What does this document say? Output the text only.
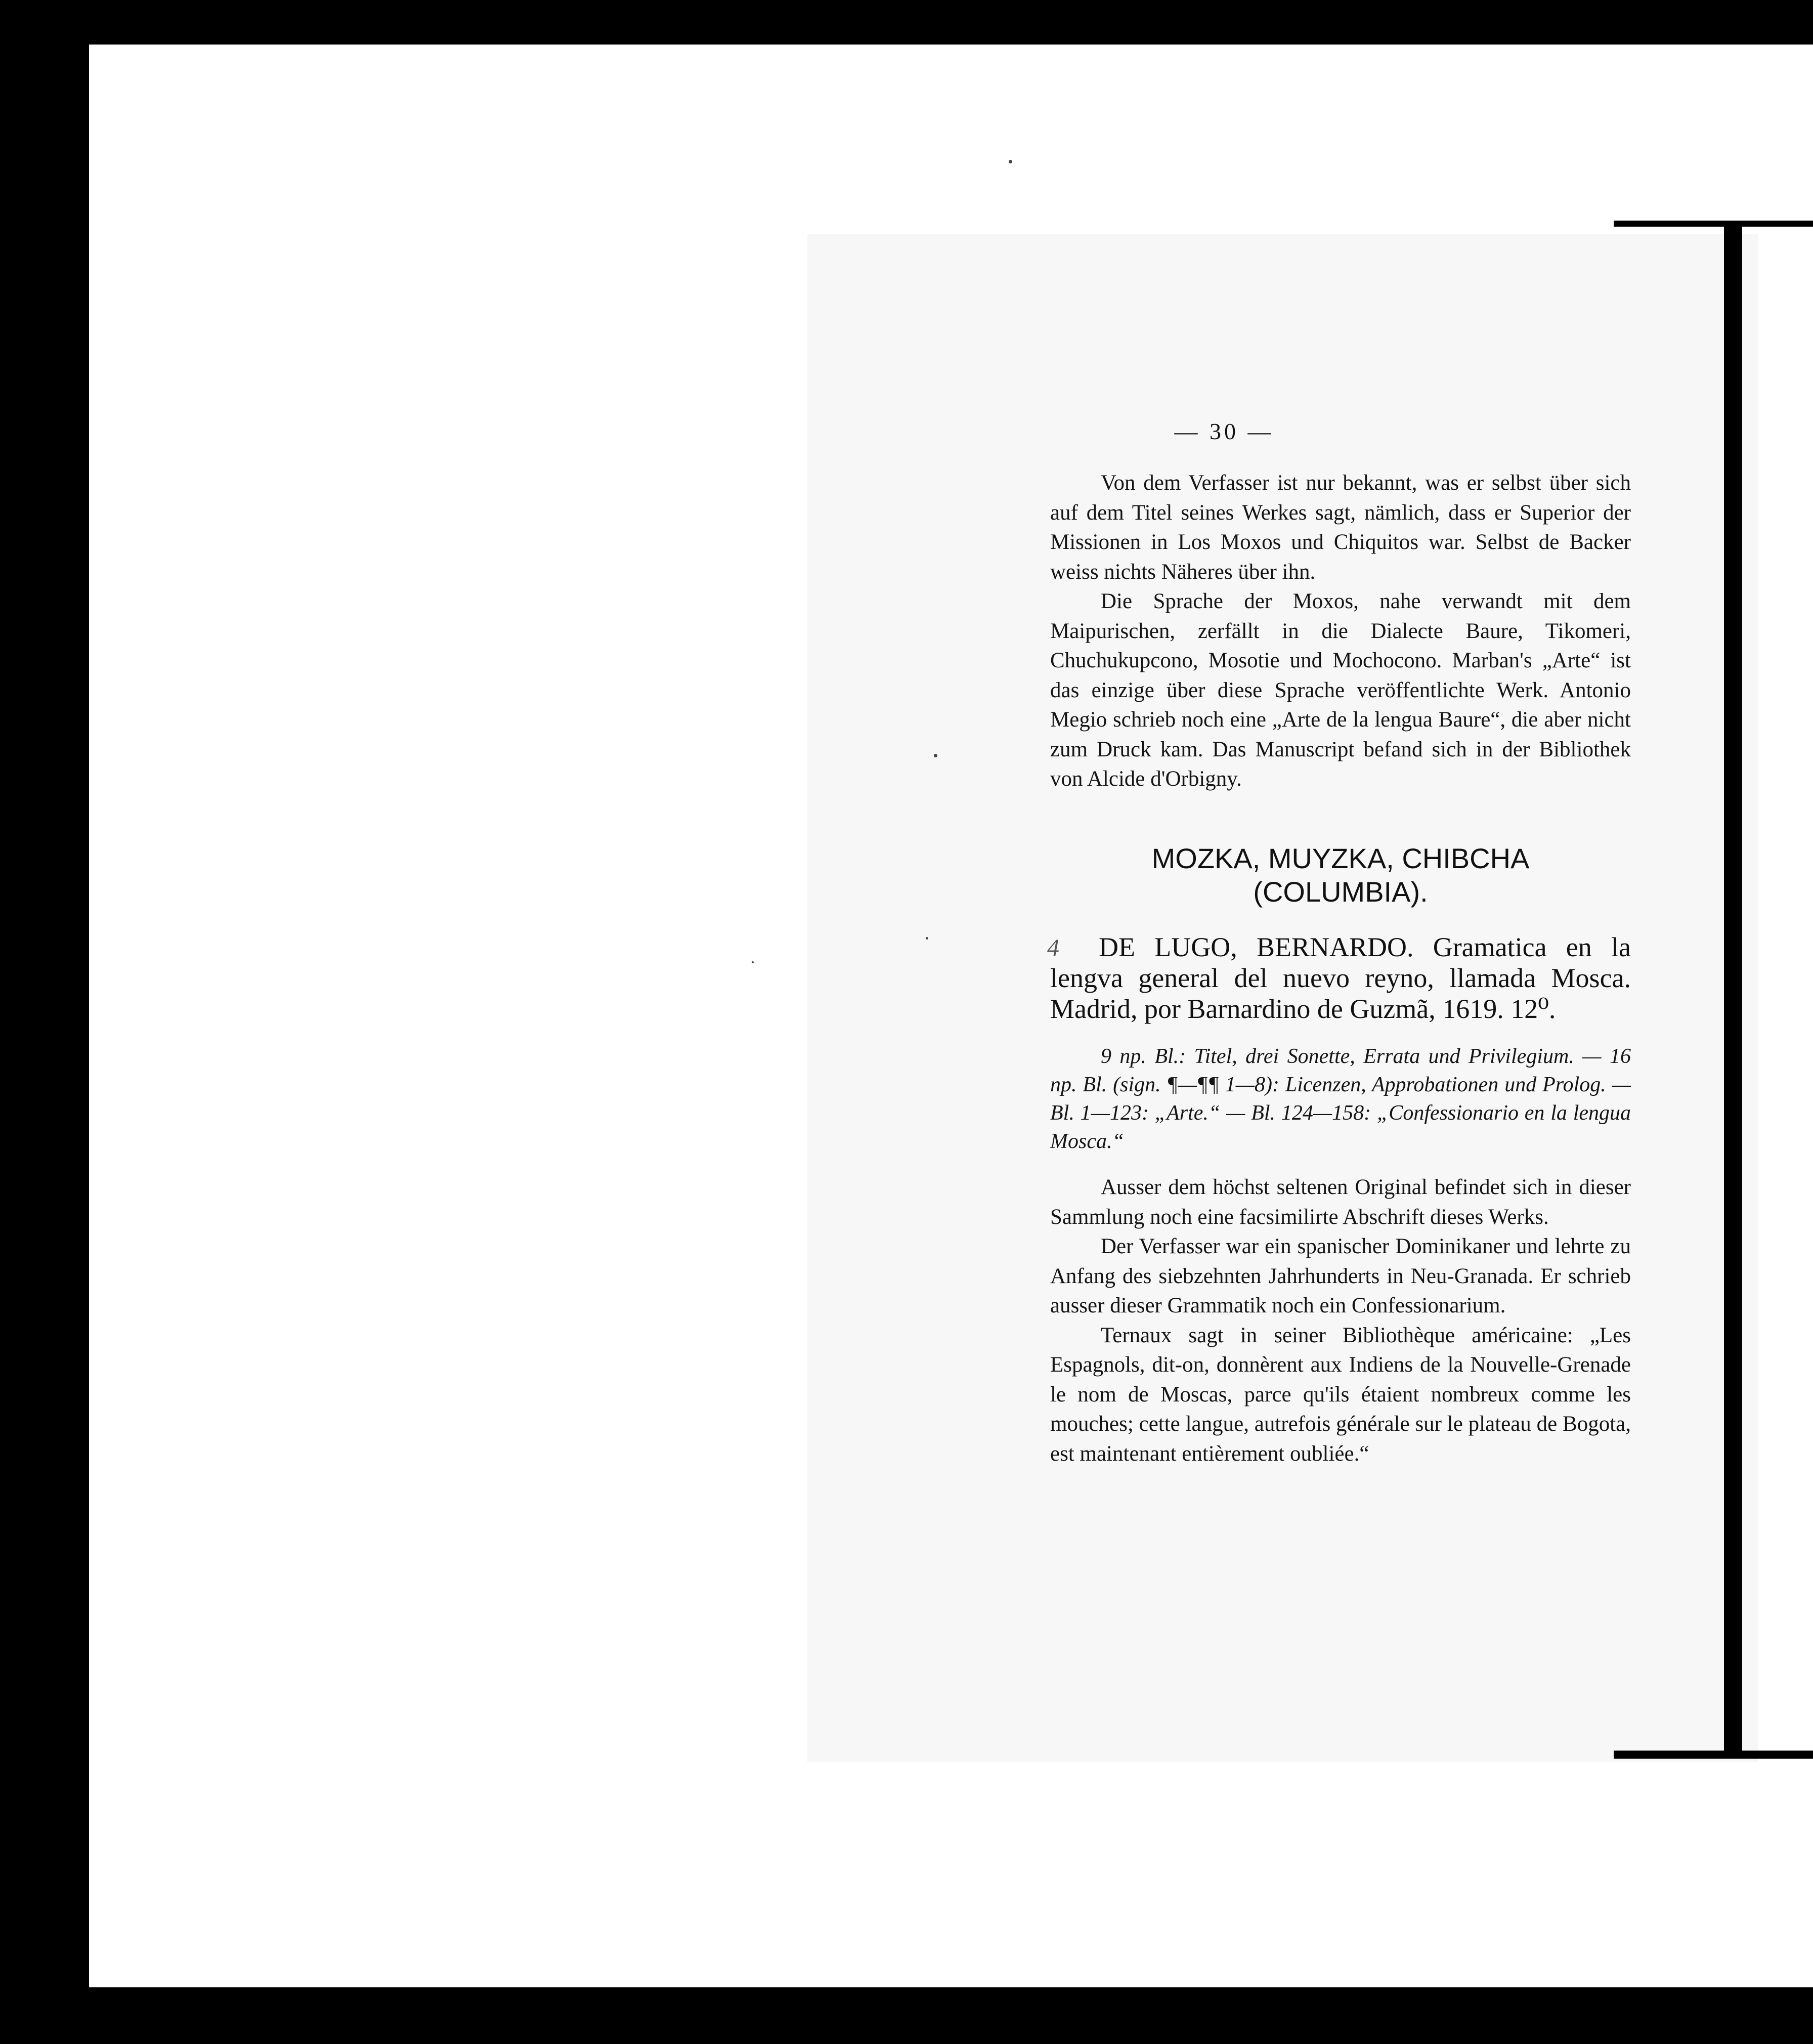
— 30 —

Von dem Verfasser ist nur bekannt, was er selbst über sich auf dem Titel seines Werkes sagt, nämlich, dass er Superior der Missionen in Los Moxos und Chiquitos war. Selbst de Backer weiss nichts Näheres über ihn.

Die Sprache der Moxos, nahe verwandt mit dem Maipurischen, zerfällt in die Dialecte Baure, Tikomeri, Chuchukupcono, Mosotie und Mochocono. Marban's „Arte“ ist das einzige über diese Sprache veröffentlichte Werk. Antonio Megio schrieb noch eine „Arte de la lengua Baure“, die aber nicht zum Druck kam. Das Manuscript befand sich in der Bibliothek von Alcide d'Orbigny.

MOZKA, MUYZKA, CHIBCHA
(COLUMBIA).
4	DE LUGO, BERNARDO. Gramatica en la
lengva general del nuevo reyno, llamada Mosca.
Madrid, por Barnardino de Guzmã, 1619. 12⁰.

9 np. Bl.: Titel, drei Sonette, Errata und Privilegium. — 16 np. Bl. (sign. ¶—¶¶ 1—8): Licenzen, Approbationen und Prolog. — Bl. 1—123: „Arte.“ — Bl. 124—158: „Confessionario en la lengua Mosca.“

Ausser dem höchst seltenen Original befindet sich in dieser Sammlung noch eine facsimilirte Abschrift dieses Werks.

Der Verfasser war ein spanischer Dominikaner und lehrte zu Anfang des siebzehnten Jahrhunderts in Neu-Granada. Er schrieb ausser dieser Grammatik noch ein Confessionarium.

Ternaux sagt in seiner Bibliothèque américaine: „Les Espagnols, dit-on, donnèrent aux Indiens de la Nouvelle-Grenade le nom de Moscas, parce qu'ils étaient nombreux comme les mouches; cette langue, autrefois générale sur le plateau de Bogota, est maintenant entièrement oubliée.“
